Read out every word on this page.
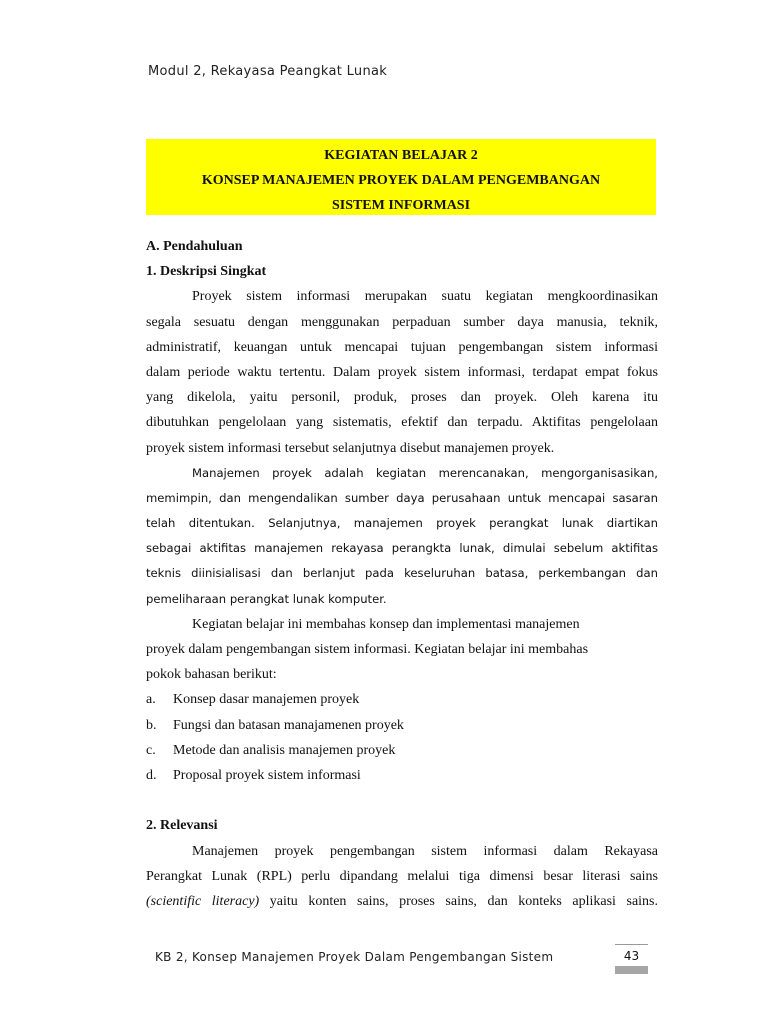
Modul 2, Rekayasa Peangkat Lunak
KEGIATAN BELAJAR 2
KONSEP MANAJEMEN PROYEK DALAM PENGEMBANGAN
SISTEM INFORMASI
A. Pendahuluan
1. Deskripsi Singkat
Proyek sistem informasi merupakan suatu kegiatan mengkoordinasikan
segala sesuatu dengan menggunakan perpaduan sumber daya manusia, teknik,
administratif, keuangan untuk mencapai tujuan pengembangan sistem informasi
dalam periode waktu tertentu. Dalam proyek sistem informasi, terdapat empat fokus
yang dikelola, yaitu personil, produk, proses dan proyek. Oleh karena itu
dibutuhkan pengelolaan yang sistematis, efektif dan terpadu. Aktifitas pengelolaan
proyek sistem informasi tersebut selanjutnya disebut manajemen proyek.
Manajemen proyek adalah kegiatan merencanakan, mengorganisasikan,
memimpin, dan mengendalikan sumber daya perusahaan untuk mencapai sasaran
telah ditentukan. Selanjutnya, manajemen proyek perangkat lunak diartikan
sebagai aktifitas manajemen rekayasa perangkta lunak, dimulai sebelum aktifitas
teknis diinisialisasi dan berlanjut pada keseluruhan batasa, perkembangan dan
pemeliharaan perangkat lunak komputer.
Kegiatan belajar ini membahas konsep dan implementasi manajemen
proyek dalam pengembangan sistem informasi. Kegiatan belajar ini membahas
pokok bahasan berikut:
a.	Konsep dasar manajemen proyek
b.	Fungsi dan batasan manajamenen proyek
c.	Metode dan analisis manajemen proyek
d.	Proposal proyek sistem informasi
2. Relevansi
Manajemen proyek pengembangan sistem informasi dalam Rekayasa
Perangkat Lunak (RPL) perlu dipandang melalui tiga dimensi besar literasi sains
(scientific literacy) yaitu konten sains, proses sains, dan konteks aplikasi sains.
KB 2, Konsep Manajemen Proyek Dalam Pengembangan Sistem	43
